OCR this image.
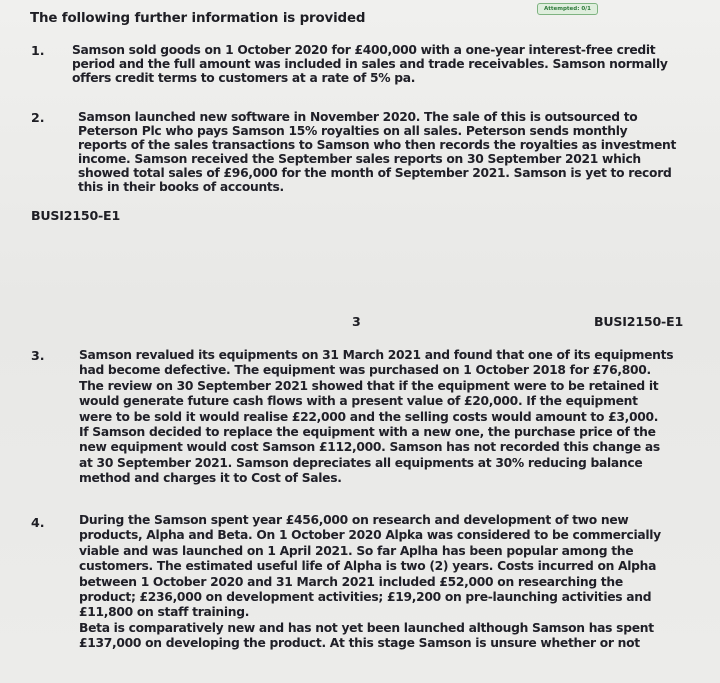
Attempted: 0/1
The following further information is provided
1. Samson sold goods on 1 October 2020 for £400,000 with a one-year interest-free credit

period and the full amount was included in sales and trade receivables. Samson normally

offers credit terms to customers at a rate of 5% pa.

2.	Samson launched new software in November 2020. The sale of this is outsourced to

Peterson Plc who pays Samson 15% royalties on all sales. Peterson sends monthly

reports of the sales transactions to Samson who then records the royalties as investment

income. Samson received the September sales reports on 30 September 2021 which

showed total sales of £96,000 for the month of September 2021. Samson is yet to record

this in their books of accounts.

BUSI2150-E1
3	BUSI2150-E1
3.	Samson revalued its equipments on 31 March 2021 and found that one of its equipments

had become defective. The equipment was purchased on 1 October 2018 for £76,800.

The review on 30 September 2021 showed that if the equipment were to be retained it

would generate future cash flows with a present value of £20,000. If the equipment

were to be sold it would realise £22,000 and the selling costs would amount to £3,000.

If Samson decided to replace the equipment with a new one, the purchase price of the

new equipment would cost Samson £112,000. Samson has not recorded this change as

at 30 September 2021. Samson depreciates all equipments at 30% reducing balance

method and charges it to Cost of Sales.

4.	During the Samson spent year £456,000 on research and development of two new

products, Alpha and Beta. On 1 October 2020 Alpka was considered to be commercially

viable and was launched on 1 April 2021. So far Aplha has been popular among the

customers. The estimated useful life of Alpha is two (2) years. Costs incurred on Alpha

between 1 October 2020 and 31 March 2021 included £52,000 on researching the

product; £236,000 on development activities; £19,200 on pre-launching activities and

£11,800 on staff training.

Beta is comparatively new and has not yet been launched although Samson has spent

£137,000 on developing the product. At this stage Samson is unsure whether or not
